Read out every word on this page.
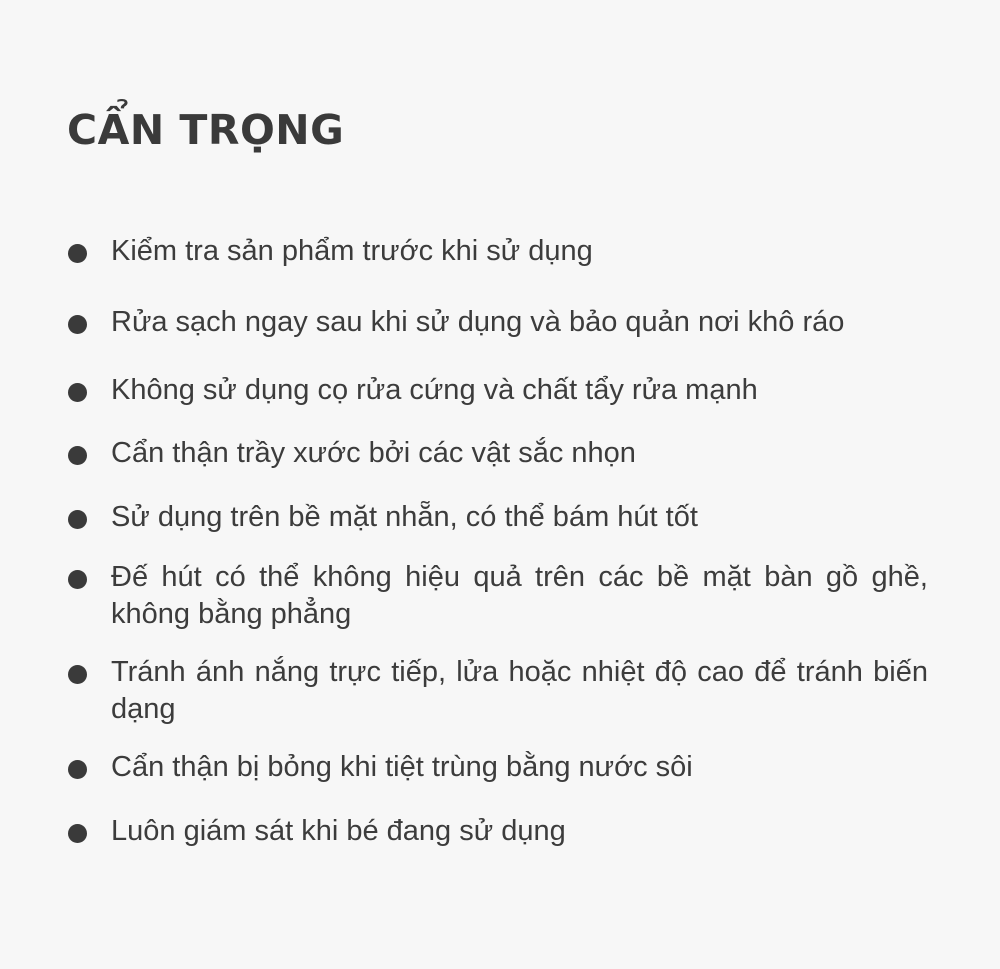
CẨN TRỌNG
Kiểm tra sản phẩm trước khi sử dụng
Rửa sạch ngay sau khi sử dụng và bảo quản nơi khô ráo
Không sử dụng cọ rửa cứng và chất tẩy rửa mạnh
Cẩn thận trầy xước bởi các vật sắc nhọn
Sử dụng trên bề mặt nhẵn, có thể bám hút tốt
Đế hút có thể không hiệu quả trên các bề mặt bàn gồ ghề, không bằng phẳng
Tránh ánh nắng trực tiếp, lửa hoặc nhiệt độ cao để tránh biến dạng
Cẩn thận bị bỏng khi tiệt trùng bằng nước sôi
Luôn giám sát khi bé đang sử dụng
